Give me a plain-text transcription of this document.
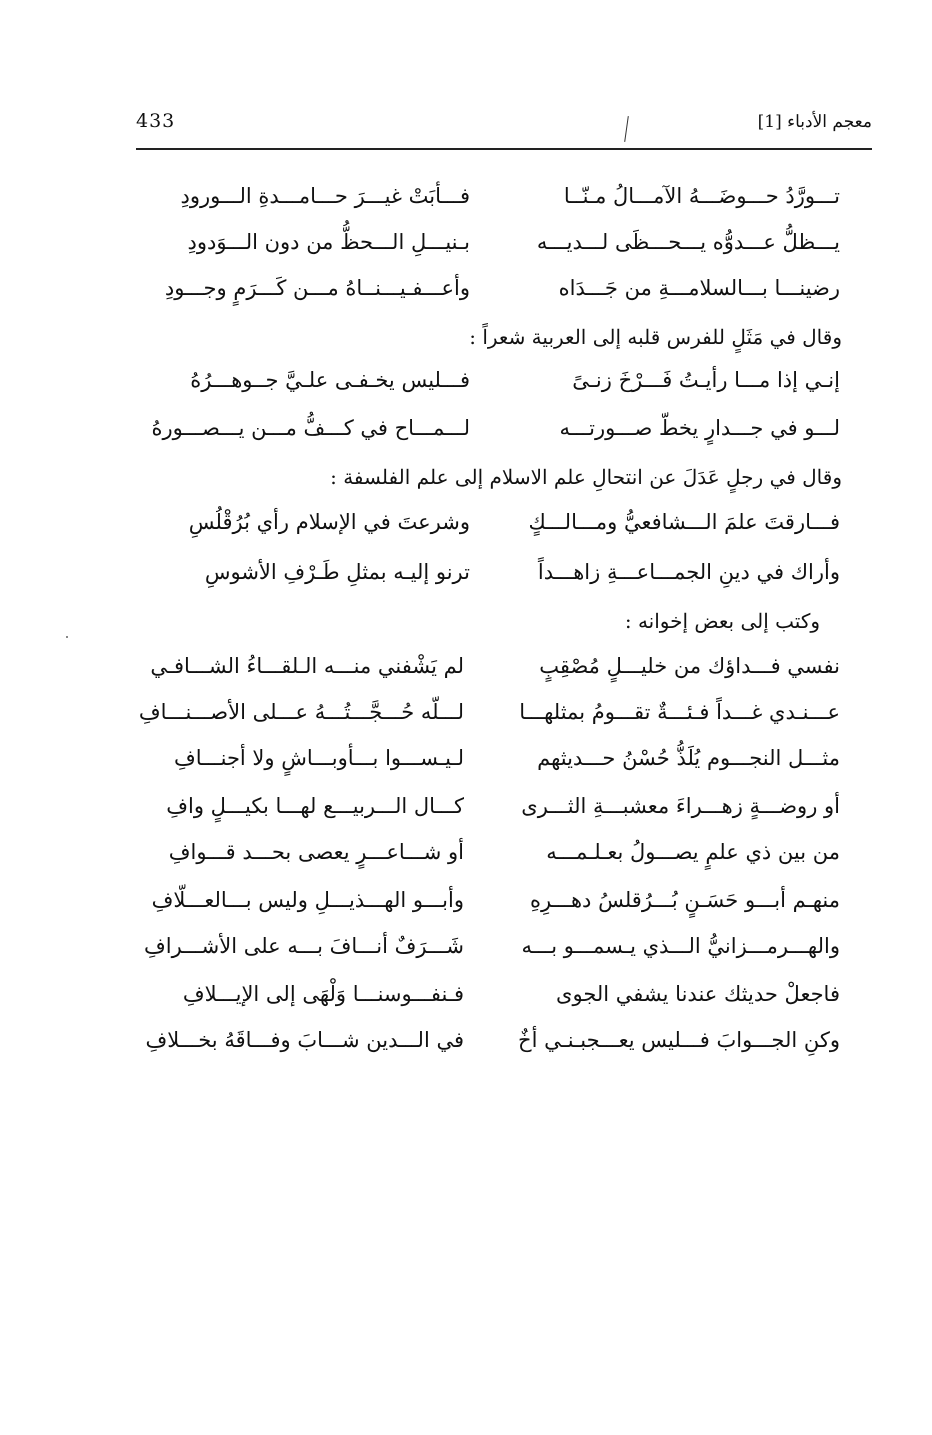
433	معجم الأدباء [1]
تـــورَّدُ حـــوضَـــهُ الآمـــالُ مـنّــا
فـــأبَتْ غيـــرَ حـــامـــدةِ الـــورودِ
يـــظلُّ عـــدوُّه يـــحـــظَى لـــديـــه
بـنيـــلِ الـــحظُّ من دون الـــوَدودِ
رضينـــا بـــالسلامـــةِ من جَـــدَاه
وأعـــفـيـــنــاهُ مـــن كَـــرَمٍ وجـــودِ
وقال في مَثَلٍ للفرس قلبه إلى العربية شعراً :
إنـي إذا مـــا رأيـتُ فَـــرْخَ زنـىً
فـــليس يخـفـى علـيَّ جــوهـــرُهُ
لـــو في جـــدارٍ يخطّ صـــورتـــه
لـــمـــاح في كـــفُّ مـــن يـــصـــورهُ
وقال في رجلٍ عَدَلَ عن انتحالِ علم الاسلام إلى علم الفلسفة :
فـــارقتَ علمَ الـــشافعيُّ ومـــالـــكٍ
وشرعتَ في الإسلام رأي بُرُقْلُسِ
وأراك في دينِ الجمـــاعـــةِ زاهـــداً
ترنو إليـه بمثلِ طَـرْفِ الأشوسِ
وكتب إلى بعض إخوانه :
نفسي فـــداؤك من خليـــلٍ مُصْقِبٍ
لم يَشْفني منـــه الـلقـــاءُ الشـــافـي
عـــنـدي غـــداً فـئـــةٌ تقـــومُ بمثلهـــا
لـــلّه حُـــجَّـــتُـــهُ عـــلى الأصـــنـــافِ
مثـــل النجـــوم يُلَذُّ حُسْنُ حـــديثهم
لـيـســـوا بـــأوبـــاشٍ ولا أجنـــافِ
أو روضـــةٍ زهـــراءَ معشبـــةِ الثـــرى
كـــال الـــربيـــع لهـــا بكيـــلٍ وافِ
من بين ذي علمٍ يصـــولُ بعـلـمـــه
أو شـــاعـــرٍ يعصى بحـــد قـــوافِ
منهـم أبـــو حَسَـنٍ بُـــرُقلسُ دهـــرِهِ
وأبـــو الهـــذيـــلِ وليس بـــالعـــلّافِ
والهـــرمـــزانيُّ الـــذي يـسمـــو بـــه
شَـــرَفٌ أنـــافَ بـــه على الأشـــرافِ
فاجعلْ حديثك عندنا يشفي الجوى
فـنفـــوسنـــا وَلْهَى إلى الإيـــلافِ
وكنِ الجـــوابَ فـــليس يعـــجبـنـي أخٌ
في الـــدين شـــابَ وفـــاقَهُ بخـــلافِ
